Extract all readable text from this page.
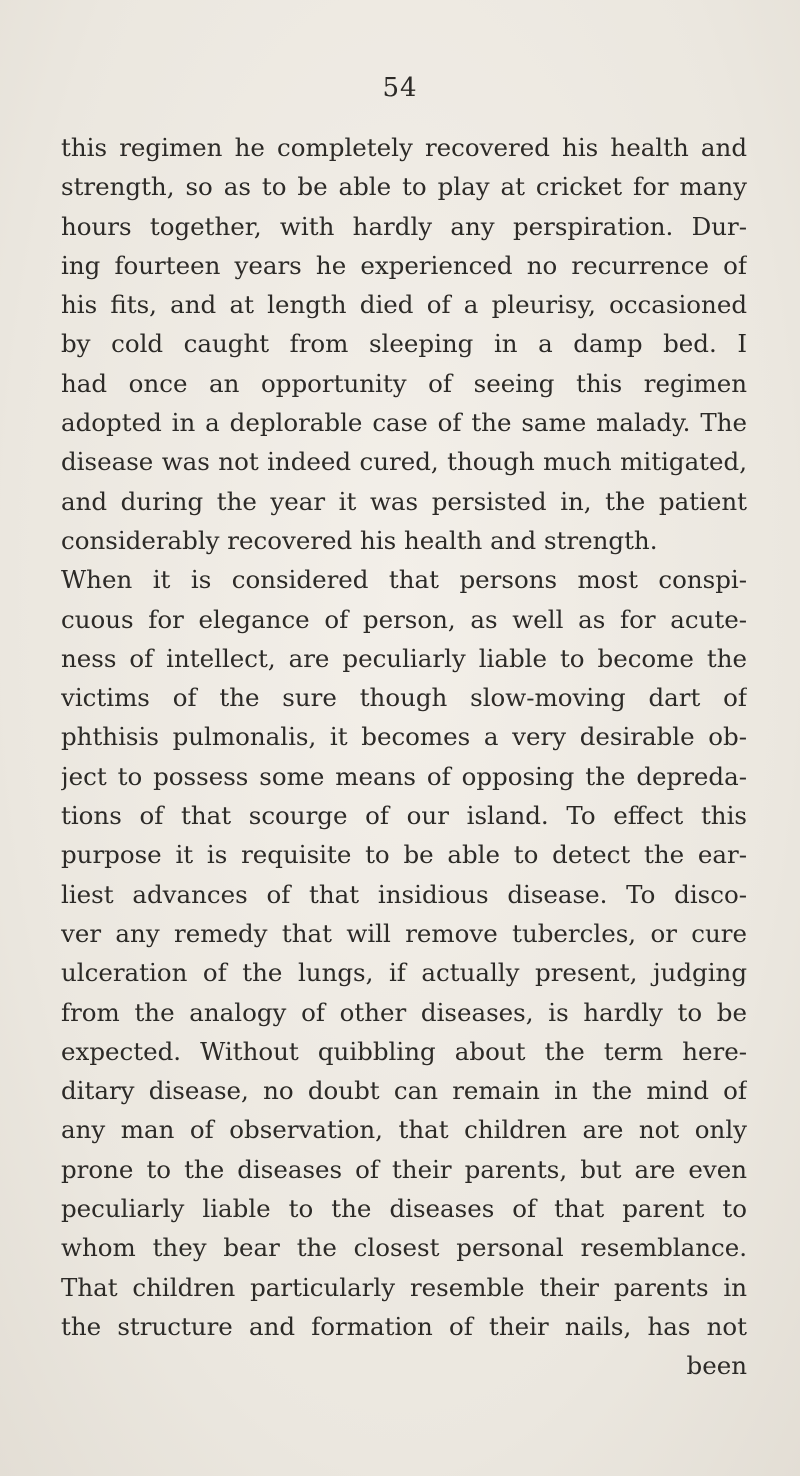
54
this regimen he completely recovered his health and
strength, so as to be able to play at cricket for many
hours together, with hardly any perspiration. Dur-
ing fourteen years he experienced no recurrence of
his fits, and at length died of a pleurisy, occasioned
by cold caught from sleeping in a damp bed. I
had once an opportunity of seeing this regimen
adopted in a deplorable case of the same malady. The
disease was not indeed cured, though much mitigated,
and during the year it was persisted in, the patient
considerably recovered his health and strength.
When it is considered that persons most conspi-
cuous for elegance of person, as well as for acute-
ness of intellect, are peculiarly liable to become the
victims of the sure though slow-moving dart of
phthisis pulmonalis, it becomes a very desirable ob-
ject to possess some means of opposing the depreda-
tions of that scourge of our island. To effect this
purpose it is requisite to be able to detect the ear-
liest advances of that insidious disease. To disco-
ver any remedy that will remove tubercles, or cure
ulceration of the lungs, if actually present, judging
from the analogy of other diseases, is hardly to be
expected. Without quibbling about the term here-
ditary disease, no doubt can remain in the mind of
any man of observation, that children are not only
prone to the diseases of their parents, but are even
peculiarly liable to the diseases of that parent to
whom they bear the closest personal resemblance.
That children particularly resemble their parents in
the structure and formation of their nails, has not
been
